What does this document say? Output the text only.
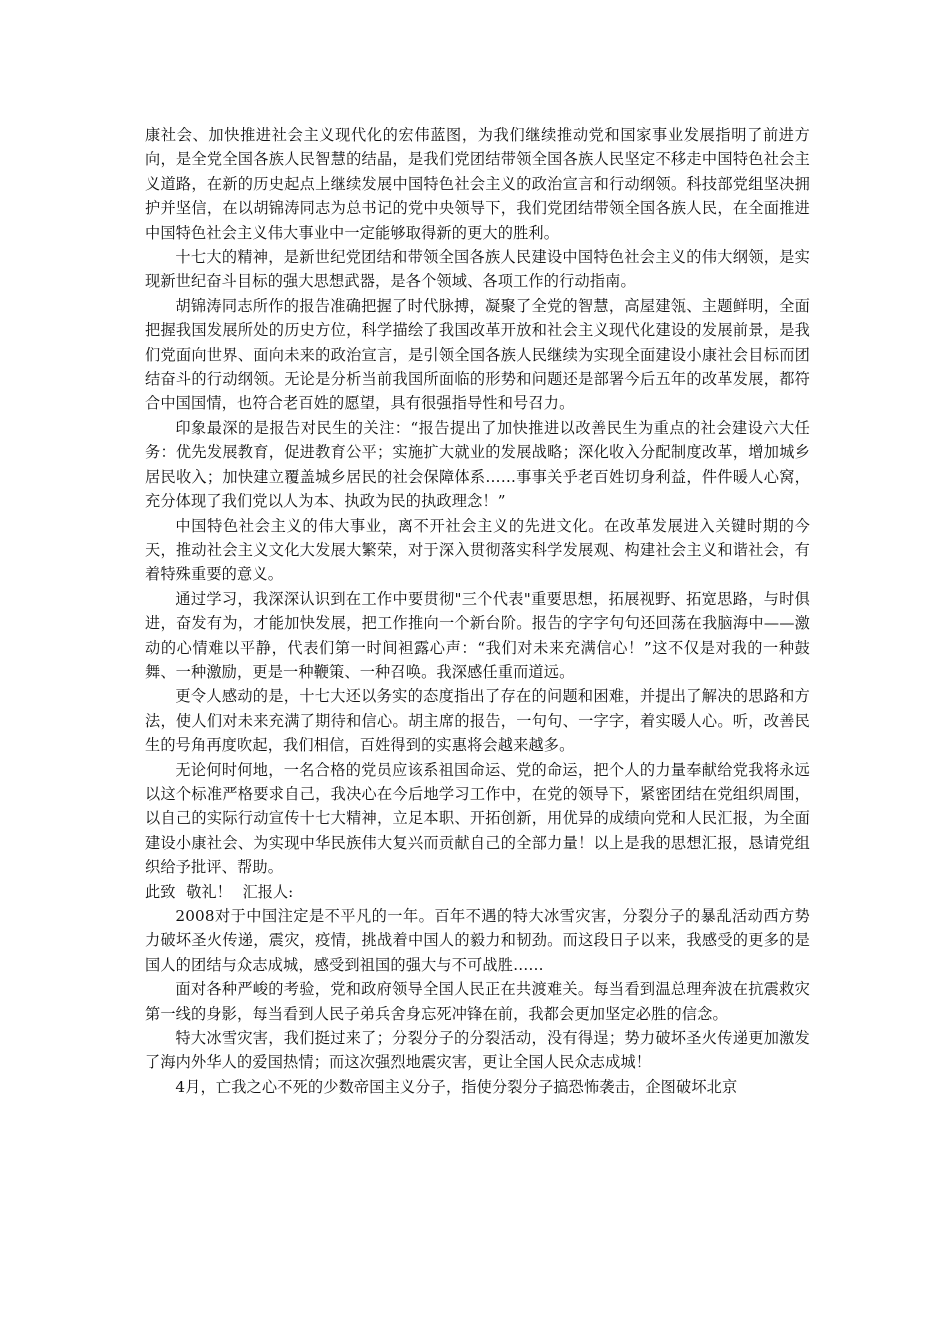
康社会、加快推进社会主义现代化的宏伟蓝图，为我们继续推动党和国家事业发展指明了前进方向，是全党全国各族人民智慧的结晶，是我们党团结带领全国各族人民坚定不移走中国特色社会主义道路，在新的历史起点上继续发展中国特色社会主义的政治宣言和行动纲领。科技部党组坚决拥护并坚信，在以胡锦涛同志为总书记的党中央领导下，我们党团结带领全国各族人民，在全面推进中国特色社会主义伟大事业中一定能够取得新的更大的胜利。

十七大的精神，是新世纪党团结和带领全国各族人民建设中国特色社会主义的伟大纲领，是实现新世纪奋斗目标的强大思想武器，是各个领域、各项工作的行动指南。

胡锦涛同志所作的报告准确把握了时代脉搏，凝聚了全党的智慧，高屋建瓴、主题鲜明，全面把握我国发展所处的历史方位，科学描绘了我国改革开放和社会主义现代化建设的发展前景，是我们党面向世界、面向未来的政治宣言，是引领全国各族人民继续为实现全面建设小康社会目标而团结奋斗的行动纲领。无论是分析当前我国所面临的形势和问题还是部署今后五年的改革发展，都符合中国国情，也符合老百姓的愿望，具有很强指导性和号召力。

印象最深的是报告对民生的关注：“报告提出了加快推进以改善民生为重点的社会建设六大任务：优先发展教育，促进教育公平；实施扩大就业的发展战略；深化收入分配制度改革，增加城乡居民收入；加快建立覆盖城乡居民的社会保障体系……事事关乎老百姓切身利益，件件暖人心窝，充分体现了我们党以人为本、执政为民的执政理念！”

中国特色社会主义的伟大事业，离不开社会主义的先进文化。在改革发展进入关键时期的今天，推动社会主义文化大发展大繁荣，对于深入贯彻落实科学发展观、构建社会主义和谐社会，有着特殊重要的意义。

通过学习，我深深认识到在工作中要贯彻"三个代表"重要思想，拓展视野、拓宽思路，与时俱进，奋发有为，才能加快发展，把工作推向一个新台阶。报告的字字句句还回荡在我脑海中——激动的心情难以平静，代表们第一时间袒露心声：“我们对未来充满信心！”这不仅是对我的一种鼓舞、一种激励，更是一种鞭策、一种召唤。我深感任重而道远。

更令人感动的是，十七大还以务实的态度指出了存在的问题和困难，并提出了解决的思路和方法，使人们对未来充满了期待和信心。胡主席的报告，一句句、一字字，着实暖人心。听，改善民生的号角再度吹起，我们相信，百姓得到的实惠将会越来越多。

无论何时何地，一名合格的党员应该系祖国命运、党的命运，把个人的力量奉献给党我将永远以这个标准严格要求自己，我决心在今后地学习工作中，在党的领导下，紧密团结在党组织周围，以自己的实际行动宣传十七大精神，立足本职、开拓创新，用优异的成绩向党和人民汇报，为全面建设小康社会、为实现中华民族伟大复兴而贡献自己的全部力量！以上是我的思想汇报，恳请党组织给予批评、帮助。

此致 敬礼！ 汇报人:

2008对于中国注定是不平凡的一年。百年不遇的特大冰雪灾害，分裂分子的暴乱活动西方势力破坏圣火传递，震灾，疫情，挑战着中国人的毅力和韧劲。而这段日子以来，我感受的更多的是国人的团结与众志成城，感受到祖国的强大与不可战胜……

面对各种严峻的考验，党和政府领导全国人民正在共渡难关。每当看到温总理奔波在抗震救灾第一线的身影，每当看到人民子弟兵舍身忘死冲锋在前，我都会更加坚定必胜的信念。

特大冰雪灾害，我们挺过来了；分裂分子的分裂活动，没有得逞；势力破坏圣火传递更加激发了海内外华人的爱国热情；而这次强烈地震灾害，更让全国人民众志成城！

4月，亡我之心不死的少数帝国主义分子，指使分裂分子搞恐怖袭击，企图破坏北京
